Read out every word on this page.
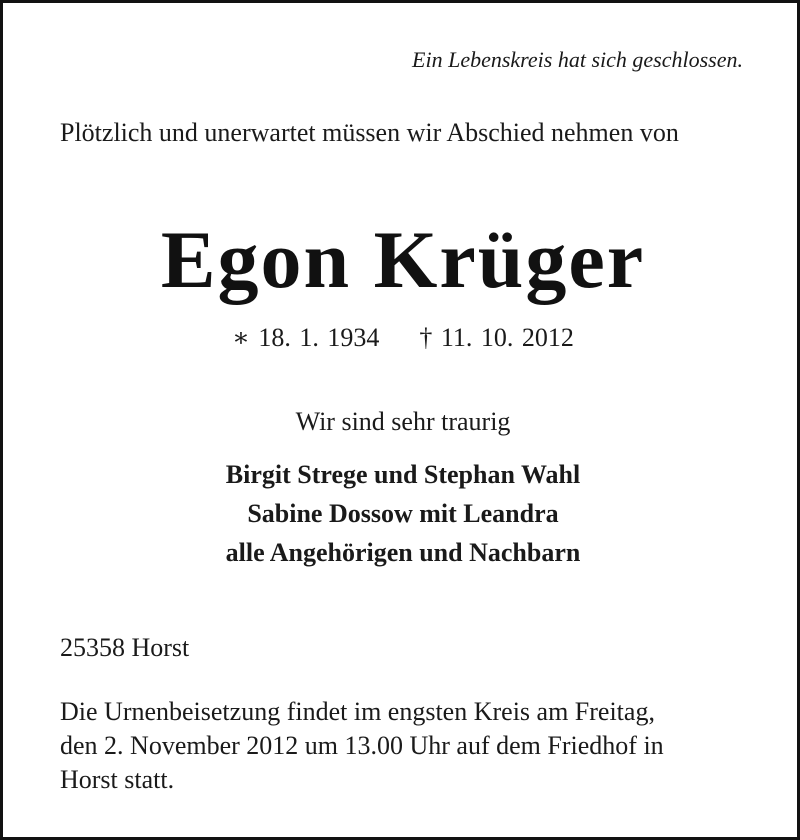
Ein Lebenskreis hat sich geschlossen.
Plötzlich und unerwartet müssen wir Abschied nehmen von
Egon Krüger
∗ 18. 1. 1934 † 11. 10. 2012
Wir sind sehr traurig
Birgit Strege und Stephan Wahl
Sabine Dossow mit Leandra
alle Angehörigen und Nachbarn
25358 Horst
Die Urnenbeisetzung findet im engsten Kreis am Freitag,
den 2. November 2012 um 13.00 Uhr auf dem Friedhof in
Horst statt.
